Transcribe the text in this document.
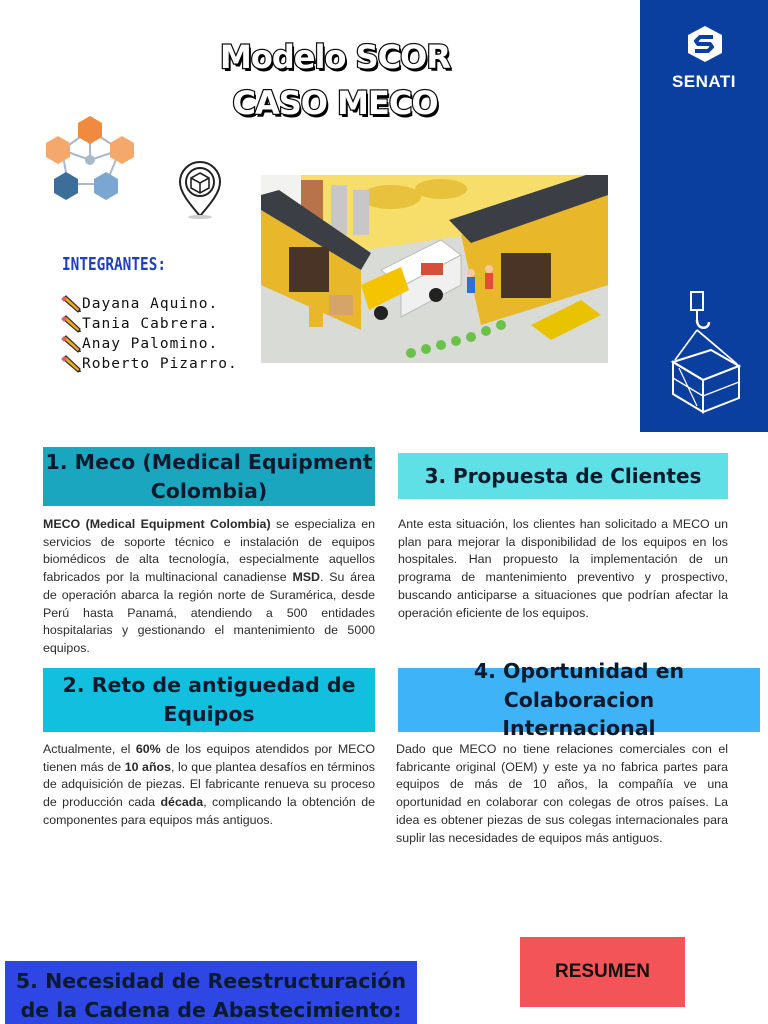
Modelo SCOR
CASO MECO
SENATI
INTEGRANTES:
Dayana Aquino.
Tania Cabrera.
Anay Palomino.
Roberto Pizarro.
1. Meco (Medical Equipment Colombia)
3. Propuesta de Clientes
2. Reto de antiguedad de
Equipos
4. Oportunidad en Colaboracion
Internacional

MECO (Medical Equipment Colombia) se especializa en servicios de soporte técnico e instalación de equipos biomédicos de alta tecnología, especialmente aquellos fabricados por la multinacional canadiense MSD. Su área de operación abarca la región norte de Suramérica, desde Perú hasta Panamá, atendiendo a 500 entidades hospitalarias y gestionando el mantenimiento de 5000 equipos.

Ante esta situación, los clientes han solicitado a MECO un plan para mejorar la disponibilidad de los equipos en los hospitales. Han propuesto la implementación de un programa de mantenimiento preventivo y prospectivo, buscando anticiparse a situaciones que podrían afectar la operación eficiente de los equipos.

Actualmente, el 60% de los equipos atendidos por MECO tienen más de 10 años, lo que plantea desafíos en términos de adquisición de piezas. El fabricante renueva su proceso de producción cada década, complicando la obtención de componentes para equipos más antiguos.

Dado que MECO no tiene relaciones comerciales con el fabricante original (OEM) y este ya no fabrica partes para equipos de más de 10 años, la compañía ve una oportunidad en colaborar con colegas de otros países. La idea es obtener piezas de sus colegas internacionales para suplir las necesidades de equipos más antiguos.

5. Necesidad de Reestructuración
de la Cadena de Abastecimiento:
RESUMEN
